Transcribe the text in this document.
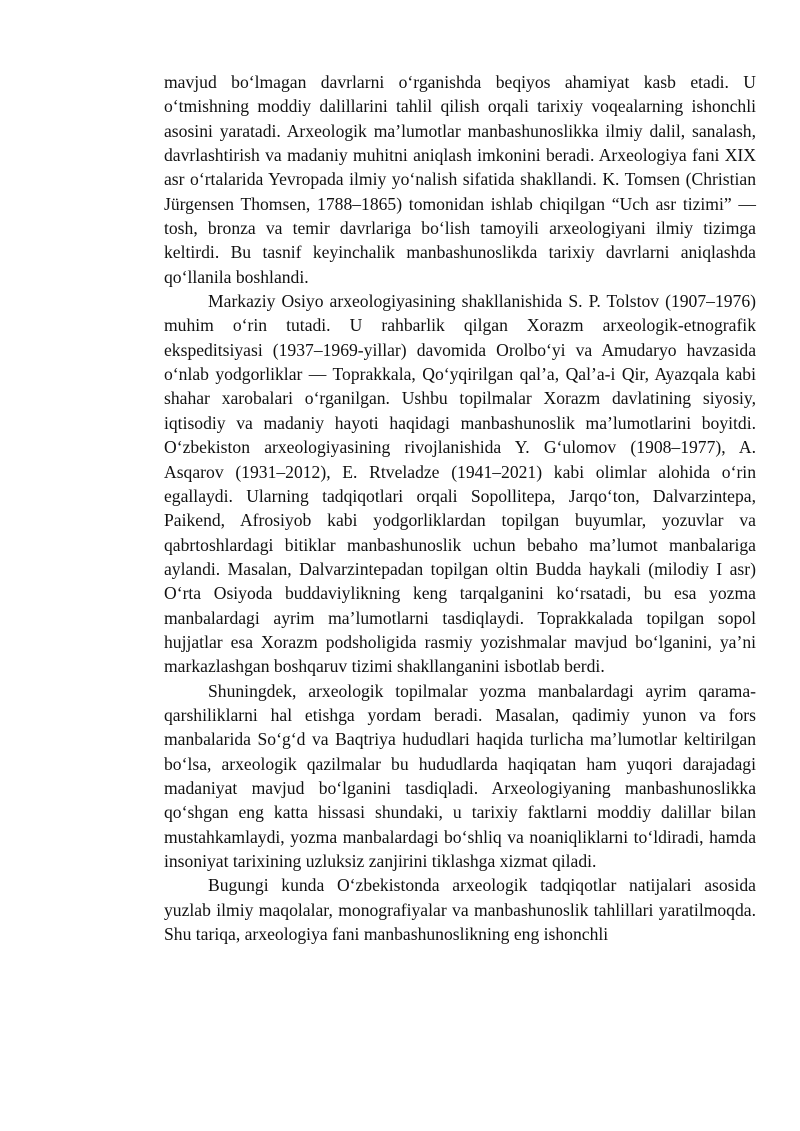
mavjud bo‘lmagan davrlarni o‘rganishda beqiyos ahamiyat kasb etadi. U o‘tmishning moddiy dalillarini tahlil qilish orqali tarixiy voqealarning ishonchli asosini yaratadi. Arxeologik ma’lumotlar manbashunoslikka ilmiy dalil, sanalash, davrlashtirish va madaniy muhitni aniqlash imkonini beradi. Arxeologiya fani XIX asr o‘rtalarida Yevropada ilmiy yo‘nalish sifatida shakllandi. K. Tomsen (Christian Jürgensen Thomsen, 1788–1865) tomonidan ishlab chiqilgan “Uch asr tizimi” — tosh, bronza va temir davrlariga bo‘lish tamoyili arxeologiyani ilmiy tizimga keltirdi. Bu tasnif keyinchalik manbashunoslikda tarixiy davrlarni aniqlashda qo‘llanila boshlandi.

Markaziy Osiyo arxeologiyasining shakllanishida S. P. Tolstov (1907–1976) muhim o‘rin tutadi. U rahbarlik qilgan Xorazm arxeologik-etnografik ekspeditsiyasi (1937–1969-yillar) davomida Orolbo‘yi va Amudaryo havzasida o‘nlab yodgorliklar — Toprakkala, Qo‘yqirilgan qal’a, Qal’a-i Qir, Ayazqala kabi shahar xarobalari o‘rganilgan. Ushbu topilmalar Xorazm davlatining siyosiy, iqtisodiy va madaniy hayoti haqidagi manbashunoslik ma’lumotlarini boyitdi. O‘zbekiston arxeologiyasining rivojlanishida Y. G‘ulomov (1908–1977), A. Asqarov (1931–2012), E. Rtveladze (1941–2021) kabi olimlar alohida o‘rin egallaydi. Ularning tadqiqotlari orqali Sopollitepa, Jarqo‘ton, Dalvarzintepa, Paikend, Afrosiyob kabi yodgorliklardan topilgan buyumlar, yozuvlar va qabrtoshlardagi bitiklar manbashunoslik uchun bebaho ma’lumot manbalariga aylandi. Masalan, Dalvarzintepadan topilgan oltin Budda haykali (milodiy I asr) O‘rta Osiyoda buddaviylikning keng tarqalganini ko‘rsatadi, bu esa yozma manbalardagi ayrim ma’lumotlarni tasdiqlaydi. Toprakkalada topilgan sopol hujjatlar esa Xorazm podsholigida rasmiy yozishmalar mavjud bo‘lganini, ya’ni markazlashgan boshqaruv tizimi shakllanganini isbotlab berdi.

Shuningdek, arxeologik topilmalar yozma manbalardagi ayrim qarama-qarshiliklarni hal etishga yordam beradi. Masalan, qadimiy yunon va fors manbalarida So‘g‘d va Baqtriya hududlari haqida turlicha ma’lumotlar keltirilgan bo‘lsa, arxeologik qazilmalar bu hududlarda haqiqatan ham yuqori darajadagi madaniyat mavjud bo‘lganini tasdiqladi. Arxeologiyaning manbashunoslikka qo‘shgan eng katta hissasi shundaki, u tarixiy faktlarni moddiy dalillar bilan mustahkamlaydi, yozma manbalardagi bo‘shliq va noaniqliklarni to‘ldiradi, hamda insoniyat tarixining uzluksiz zanjirini tiklashga xizmat qiladi.

Bugungi kunda O‘zbekistonda arxeologik tadqiqotlar natijalari asosida yuzlab ilmiy maqolalar, monografiyalar va manbashunoslik tahlillari yaratilmoqda. Shu tariqa, arxeologiya fani manbashunoslikning eng ishonchli
